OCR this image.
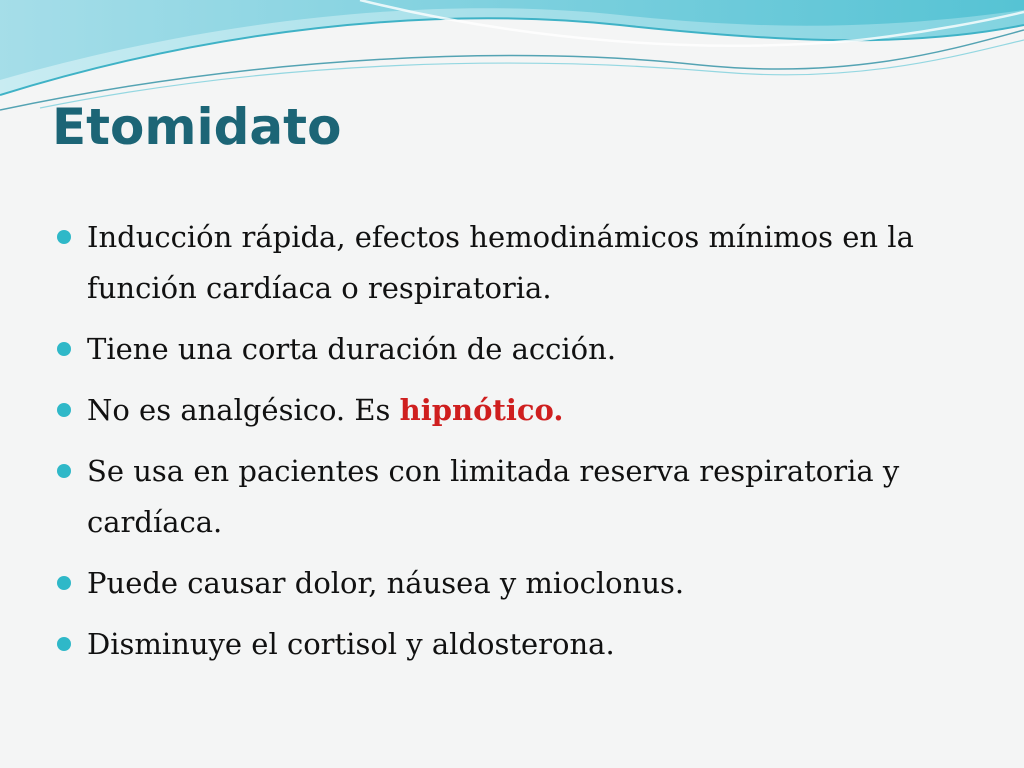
Etomidato
Inducción rápida, efectos hemodinámicos mínimos en la función cardíaca o respiratoria.
Tiene una corta duración de acción.
No es analgésico. Es hipnótico.
Se usa en pacientes con limitada reserva respiratoria y cardíaca.
Puede causar dolor, náusea y mioclonus.
Disminuye el cortisol y aldosterona.
